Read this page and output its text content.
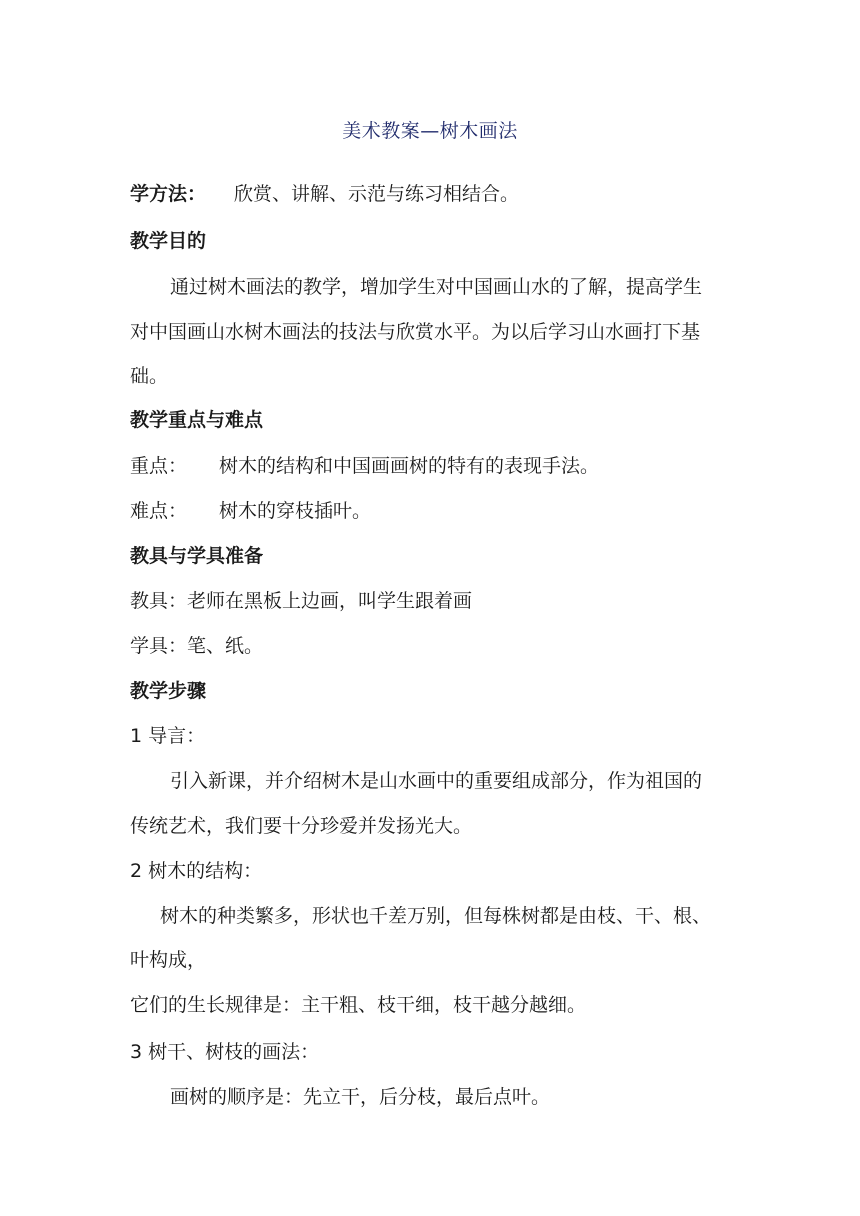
美术教案—树木画法
学方法： 欣赏、讲解、示范与练习相结合。
教学目的
通过树木画法的教学，增加学生对中国画山水的了解，提高学生
对中国画山水树木画法的技法与欣赏水平。为以后学习山水画打下基
础。
教学重点与难点
重点： 树木的结构和中国画画树的特有的表现手法。
难点： 树木的穿枝插叶。
教具与学具准备
教具：老师在黑板上边画，叫学生跟着画
学具：笔、纸。
教学步骤
1 导言：
引入新课，并介绍树木是山水画中的重要组成部分，作为祖国的
传统艺术，我们要十分珍爱并发扬光大。
2 树木的结构：
树木的种类繁多，形状也千差万别，但每株树都是由枝、干、根、
叶构成，
它们的生长规律是：主干粗、枝干细，枝干越分越细。
3 树干、树枝的画法：
画树的顺序是：先立干，后分枝，最后点叶。
